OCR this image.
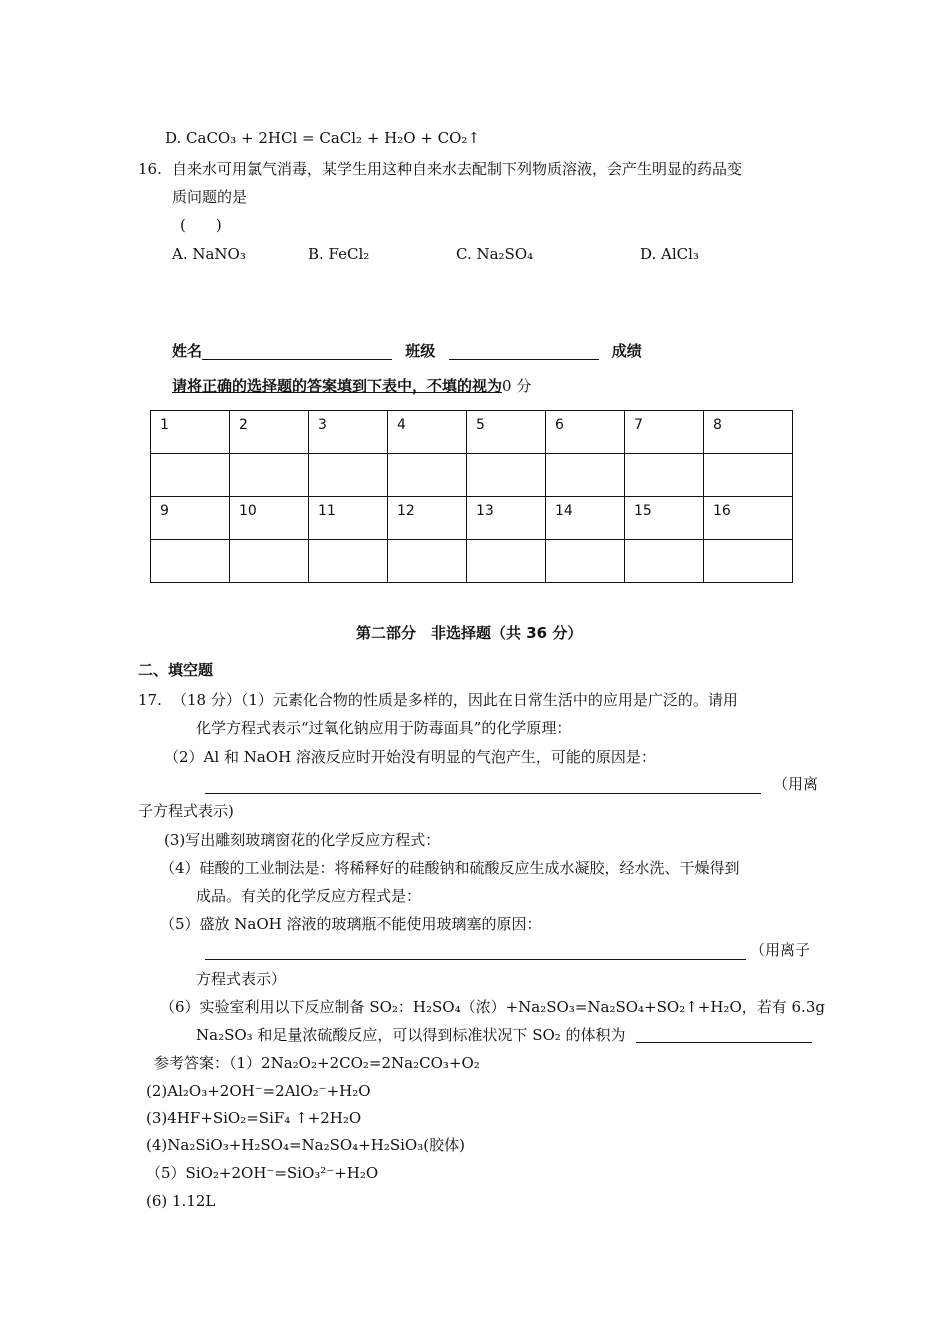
D. CaCO₃ + 2HCl = CaCl₂ + H₂O + CO₂↑
16. 自来水可用氯气消毒，某学生用这种自来水去配制下列物质溶液，会产生明显的药品变
质问题的是
(　　)
A. NaNO₃	B. FeCl₂	C. Na₂SO₄	D. AlCl₃
姓名	班级	成绩
请将正确的选择题的答案填到下表中，不填的视为0 分
1	2	3	4	5	6	7	8

9	10	11	12	13	14	15	16

第二部分　非选择题（共 36 分）
二、填空题
17. （18 分）（1）元素化合物的性质是多样的，因此在日常生活中的应用是广泛的。请用
化学方程式表示“过氧化钠应用于防毒面具”的化学原理：
（2）Al 和 NaOH 溶液反应时开始没有明显的气泡产生，可能的原因是：
（用离
子方程式表示)
(3)写出雕刻玻璃窗花的化学反应方程式：
（4）硅酸的工业制法是：将稀释好的硅酸钠和硫酸反应生成水凝胶，经水洗、干燥得到
成品。有关的化学反应方程式是：
（5）盛放 NaOH 溶液的玻璃瓶不能使用玻璃塞的原因：
（用离子
方程式表示）
（6）实验室利用以下反应制备 SO₂：H₂SO₄（浓）+Na₂SO₃=Na₂SO₄+SO₂↑+H₂O，若有 6.3g
Na₂SO₃ 和足量浓硫酸反应，可以得到标准状况下 SO₂ 的体积为
参考答案：（1）2Na₂O₂+2CO₂=2Na₂CO₃+O₂
(2)Al₂O₃+2OH⁻=2AlO₂⁻+H₂O
(3)4HF+SiO₂=SiF₄ ↑+2H₂O
(4)Na₂SiO₃+H₂SO₄=Na₂SO₄+H₂SiO₃(胶体)
（5）SiO₂+2OH⁻=SiO₃²⁻+H₂O
(6) 1.12L
